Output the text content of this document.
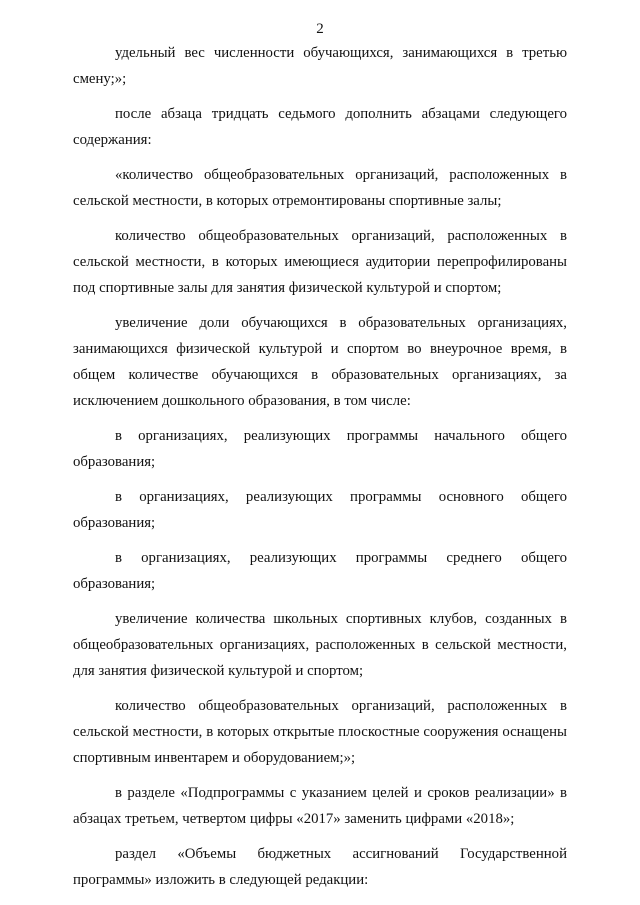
2

удельный вес численности обучающихся, занимающихся в третью смену;»;

после абзаца тридцать седьмого дополнить абзацами следующего содержания:

«количество общеобразовательных организаций, расположенных в сельской местности, в которых отремонтированы спортивные залы;

количество общеобразовательных организаций, расположенных в сельской местности, в которых имеющиеся аудитории перепрофилированы под спортивные залы для занятия физической культурой и спортом;

увеличение доли обучающихся в образовательных организациях, занимающихся физической культурой и спортом во внеурочное время, в общем количестве обучающихся в образовательных организациях, за исключением дошкольного образования, в том числе:

в организациях, реализующих программы начального общего образования;

в организациях, реализующих программы основного общего образования;

в организациях, реализующих программы среднего общего образования;

увеличение количества школьных спортивных клубов, созданных в общеобразовательных организациях, расположенных в сельской местности, для занятия физической культурой и спортом;

количество общеобразовательных организаций, расположенных в сельской местности, в которых открытые плоскостные сооружения оснащены спортивным инвентарем и оборудованием;»;

в разделе «Подпрограммы с указанием целей и сроков реализации» в абзацах третьем, четвертом цифры «2017» заменить цифрами «2018»;

раздел «Объемы бюджетных ассигнований Государственной программы» изложить в следующей редакции:
